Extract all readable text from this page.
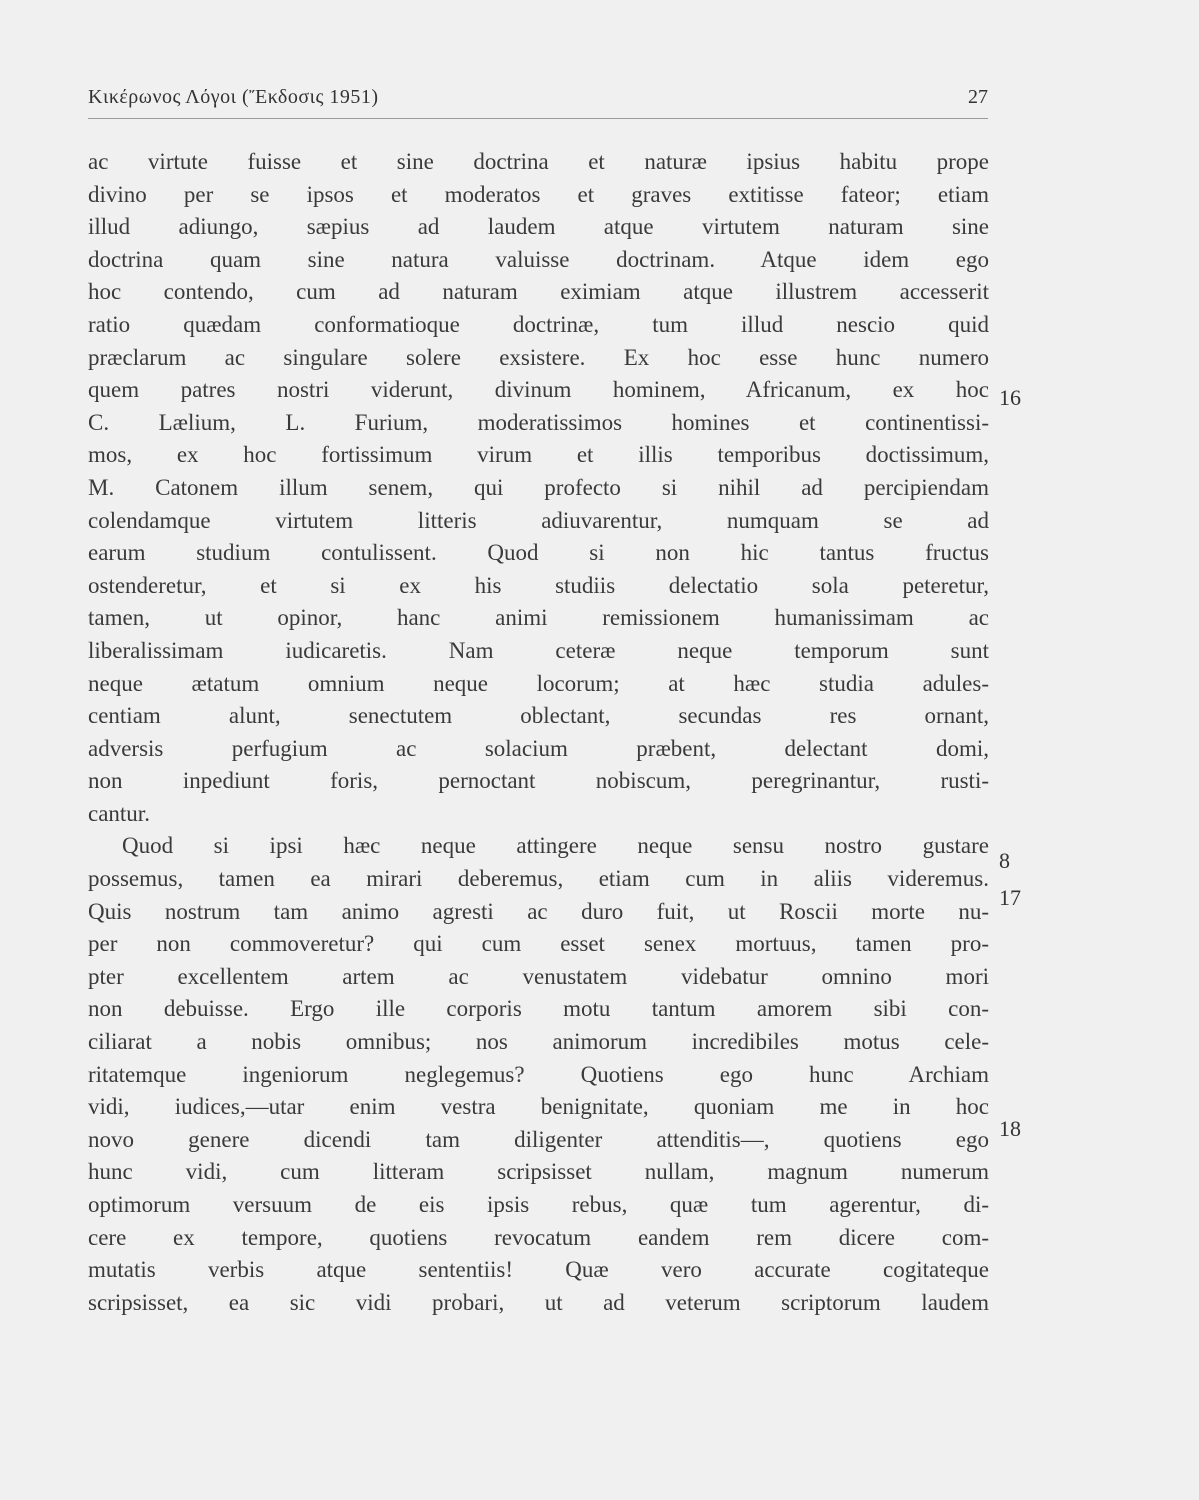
Κικέρωνος Λόγοι (Ἔκδοσις 1951)	27
ac virtute fuisse et sine doctrina et naturæ ipsius habitu prope
divino per se ipsos et moderatos et graves extitisse fateor; etiam
illud adiungo, sæpius ad laudem atque virtutem naturam sine
doctrina quam sine natura valuisse doctrinam. Atque idem ego
hoc contendo, cum ad naturam eximiam atque illustrem accesserit
ratio quædam conformatioque doctrinæ, tum illud nescio quid
præclarum ac singulare solere exsistere. Ex hoc esse hunc numero
quem patres nostri viderunt, divinum hominem, Africanum, ex hoc
C. Lælium, L. Furium, moderatissimos homines et continentissi-
mos, ex hoc fortissimum virum et illis temporibus doctissimum,
M. Catonem illum senem, qui profecto si nihil ad percipiendam
colendamque virtutem litteris adiuvarentur, numquam se ad
earum studium contulissent. Quod si non hic tantus fructus
ostenderetur, et si ex his studiis delectatio sola peteretur,
tamen, ut opinor, hanc animi remissionem humanissimam ac
liberalissimam iudicaretis. Nam ceteræ neque temporum sunt
neque ætatum omnium neque locorum; at hæc studia adules-
centiam alunt, senectutem oblectant, secundas res ornant,
adversis perfugium ac solacium præbent, delectant domi,
non inpediunt foris, pernoctant nobiscum, peregrinantur, rusti-
cantur.
Quod si ipsi hæc neque attingere neque sensu nostro gustare
possemus, tamen ea mirari deberemus, etiam cum in aliis videremus.
Quis nostrum tam animo agresti ac duro fuit, ut Roscii morte nu-
per non commoveretur? qui cum esset senex mortuus, tamen pro-
pter excellentem artem ac venustatem videbatur omnino mori
non debuisse. Ergo ille corporis motu tantum amorem sibi con-
ciliarat a nobis omnibus; nos animorum incredibiles motus cele-
ritatemque ingeniorum neglegemus? Quotiens ego hunc Archiam
vidi, iudices,—utar enim vestra benignitate, quoniam me in hoc
novo genere dicendi tam diligenter attenditis—, quotiens ego
hunc vidi, cum litteram scripsisset nullam, magnum numerum
optimorum versuum de eis ipsis rebus, quæ tum agerentur, di-
cere ex tempore, quotiens revocatum eandem rem dicere com-
mutatis verbis atque sententiis! Quæ vero accurate cogitateque
scripsisset, ea sic vidi probari, ut ad veterum scriptorum laudem
16
8
17
18
